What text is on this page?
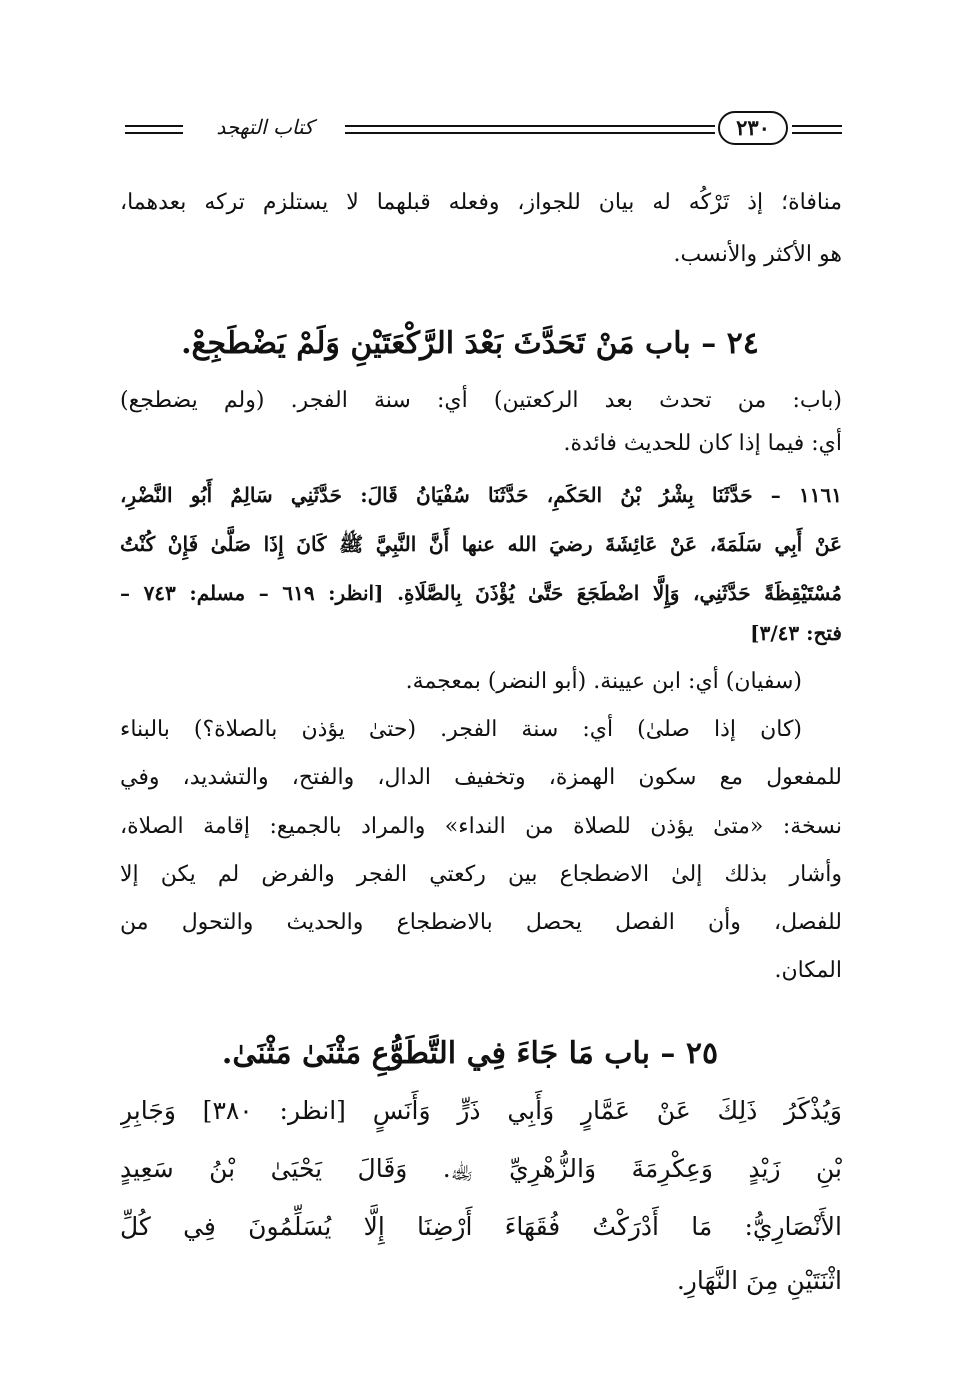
كتاب التهجد	٢٣٠
منافاة؛ إذ تَرْكُه له بيان للجواز، وفعله قبلهما لا يستلزم تركه بعدهما،
هو الأكثر والأنسب.
٢٤ – باب مَنْ تَحَدَّثَ بَعْدَ الرَّكْعَتَيْنِ وَلَمْ يَضْطَجِعْ.
(باب: من تحدث بعد الركعتين) أي: سنة الفجر. (ولم يضطجع)
أي: فيما إذا كان للحديث فائدة.
١١٦١ – حَدَّثَنَا بِشْرُ بْنُ الحَكَمِ، حَدَّثَنَا سُفْيَانُ قَالَ: حَدَّثَنِي سَالِمٌ أَبُو النَّضْرِ،
عَنْ أَبِي سَلَمَةَ، عَنْ عَائِشَةَ رضيَ الله عنها أَنَّ النَّبِيَّ ﷺ كَانَ إِذَا صَلَّىٰ فَإِنْ كُنْتُ
مُسْتَيْقِظَةً حَدَّثَنِي، وَإِلَّا اضْطَجَعَ حَتَّىٰ يُؤْذَنَ بِالصَّلَاةِ. [انظر: ٦١٩ – مسلم: ٧٤٣ –
فتح: ٣/٤٣]
(سفيان) أي: ابن عيينة. (أبو النضر) بمعجمة.
(كان إذا صلىٰ) أي: سنة الفجر. (حتىٰ يؤذن بالصلاة؟) بالبناء
للمفعول مع سكون الهمزة، وتخفيف الدال، والفتح، والتشديد، وفي
نسخة: «متىٰ يؤذن للصلاة من النداء» والمراد بالجميع: إقامة الصلاة،
وأشار بذلك إلىٰ الاضطجاع بين ركعتي الفجر والفرض لم يكن إلا
للفصل، وأن الفصل يحصل بالاضطجاع والحديث والتحول من
المكان.
٢٥ – باب مَا جَاءَ فِي التَّطَوُّعِ مَثْنَىٰ مَثْنَىٰ.
وَيُذْكَرُ ذَلِكَ عَنْ عَمَّارٍ وَأَبِي ذَرٍّ وَأَنَسٍ [انظر: ٣٨٠] وَجَابِرِ
بْنِ زَيْدٍ وَعِكْرِمَةَ وَالزُّهْرِيِّ ﵀. وَقَالَ يَحْيَىٰ بْنُ سَعِيدٍ
الأَنْصَارِيُّ: مَا أَدْرَكْتُ فُقَهَاءَ أَرْضِنَا إِلَّا يُسَلِّمُونَ فِي كُلِّ
اثْنَتَيْنِ مِنَ النَّهَارِ.
